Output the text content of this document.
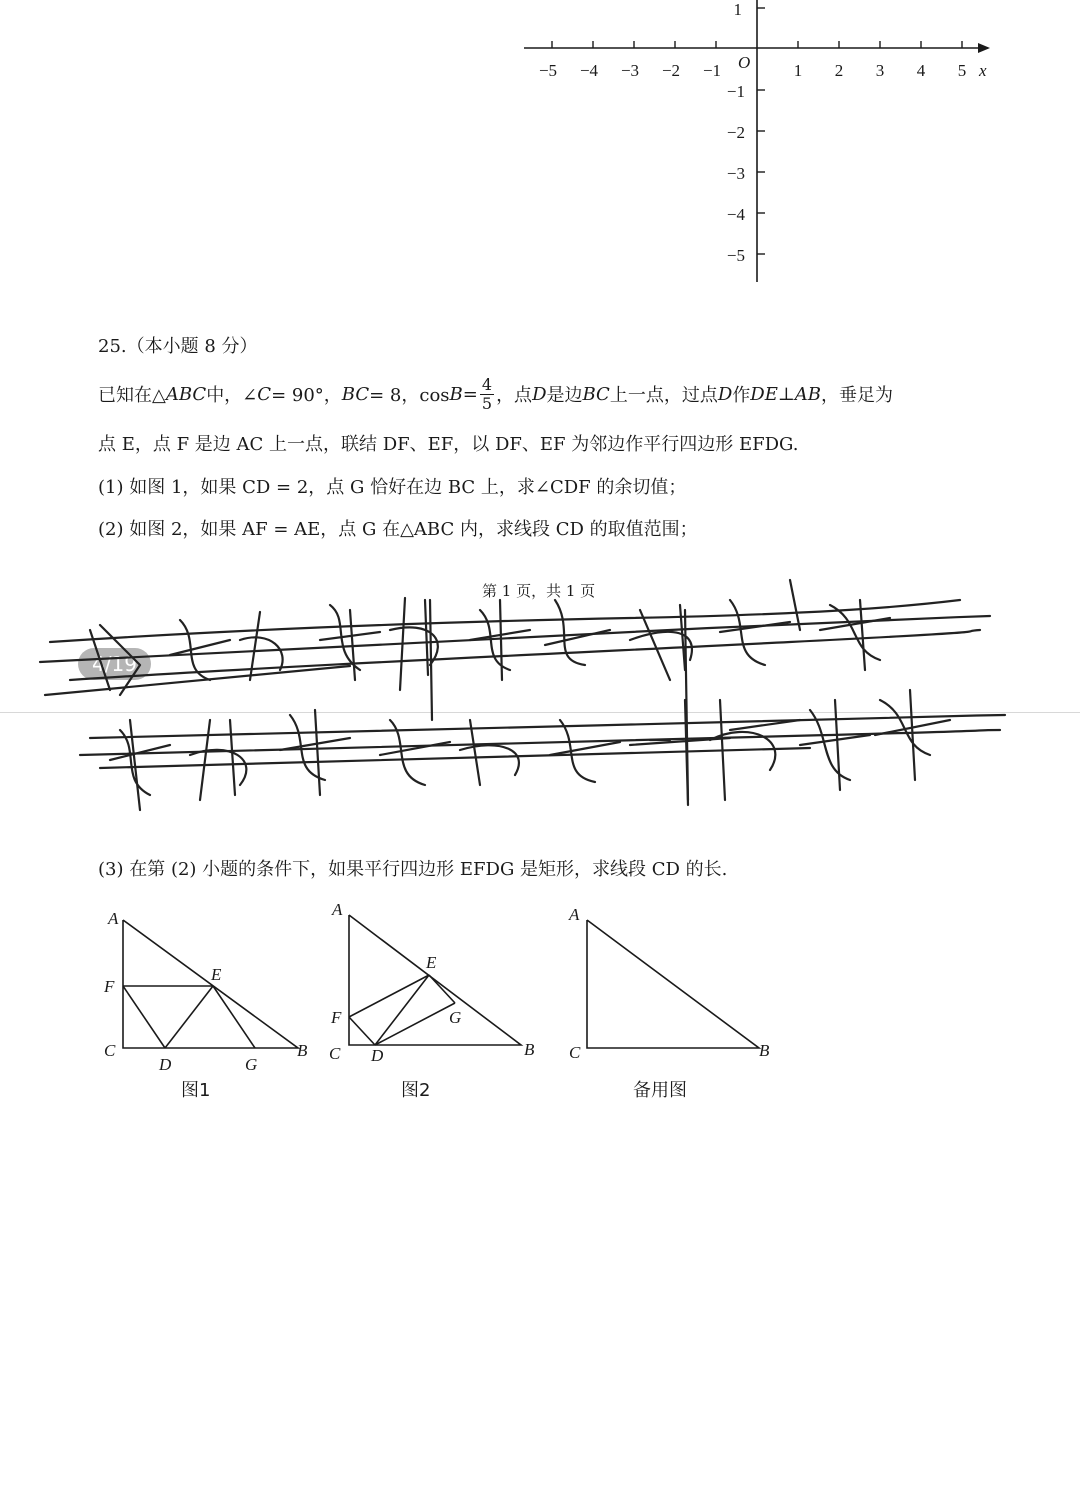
−5 −4 −3 −2 −1	1 2 3 4 5
O	x
1
−1
−2
−3
−4
−5
25.（本小题 8 分）
已知在△ ABC 中，∠ C = 90°， BC = 8，$\cos B = \frac{4}{5}$ ，点 D 是边 BC 上一点，过点 D 作 DE ⊥ AB ，垂足为
点 E，点 F 是边 AC 上一点，联结 DF、EF，以 DF、EF 为邻边作平行四边形 EFDG.
(1) 如图 1，如果 CD = 2，点 G 恰好在边 BC 上，求∠CDF 的余切值；
(2) 如图 2，如果 AF = AE，点 G 在△ABC 内，求线段 CD 的取值范围；
第 1 页，共 1 页
4/19
(3) 在第 (2) 小题的条件下，如果平行四边形 EFDG 是矩形，求线段 CD 的长.
A
F
E
C
D	G
B
图1
A
E
F	G
C D	B
图2
A
C	B
备用图
